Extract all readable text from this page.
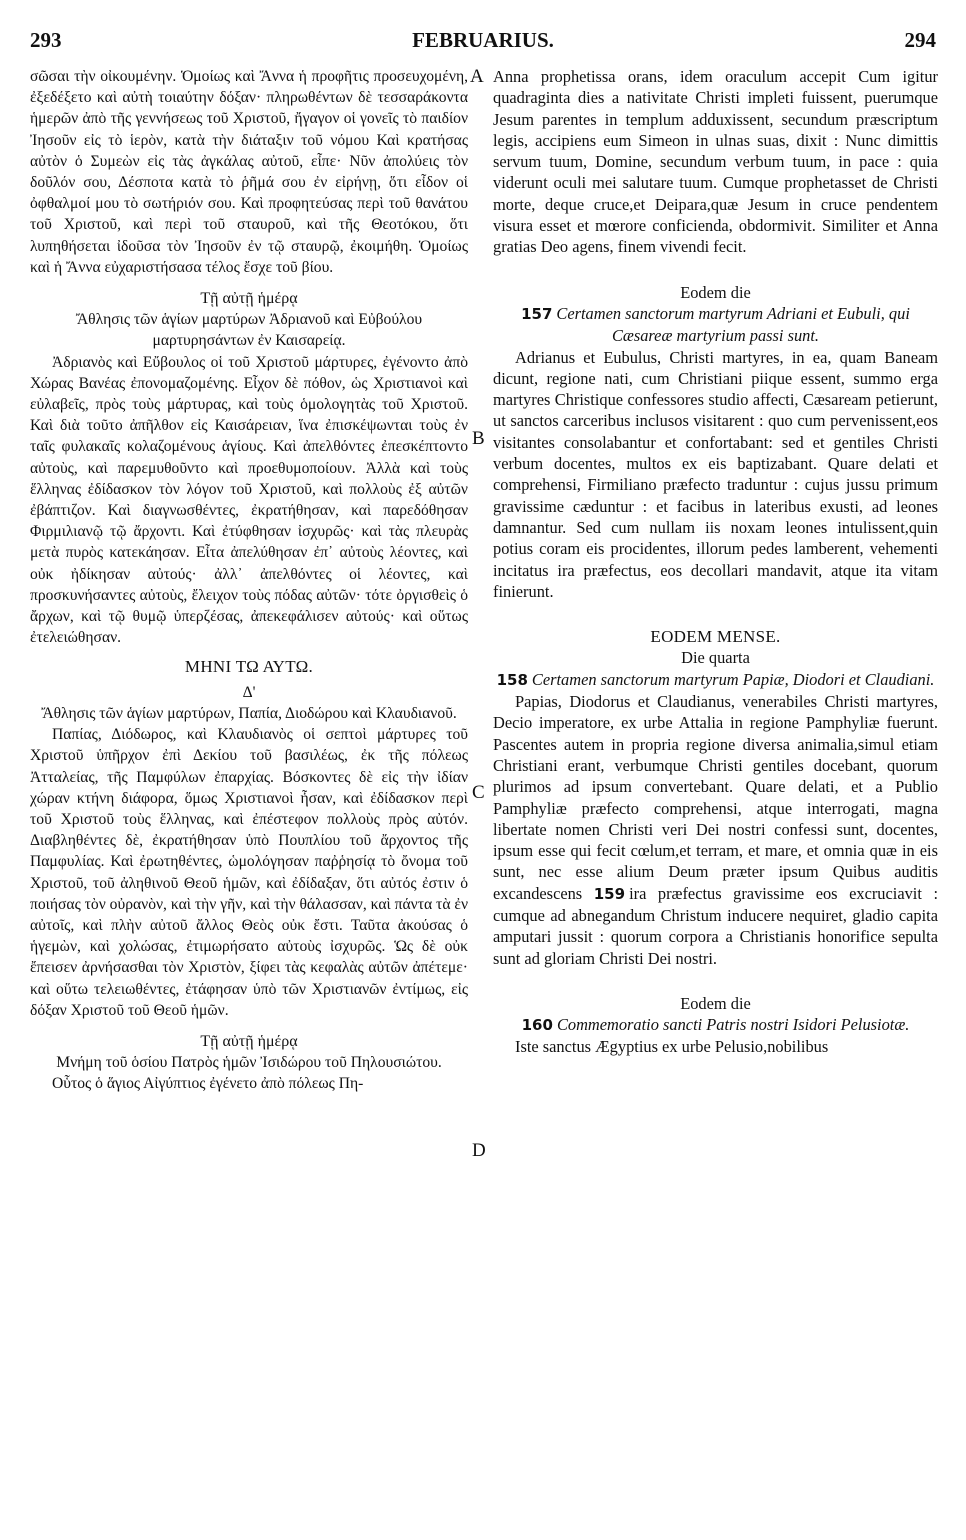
293	FEBRUARIUS.	294
A
B
C
D

σῶσαι τὴν οἰκουμένην. Ὁμοίως καὶ Ἄννα ἡ προφῆτις προσευχομένη, ἐξεδέξετο καὶ αὐτὴ τοιαύτην δόξαν· πληρωθέντων δὲ τεσσαράκοντα ἡμερῶν ἀπὸ τῆς γεννήσεως τοῦ Χριστοῦ, ἤγαγον οἱ γονεῖς τὸ παιδίον Ἰησοῦν εἰς τὸ ἱερὸν, κατὰ τὴν διάταξιν τοῦ νόμου Καὶ κρατήσας αὐτὸν ὁ Συμεὼν εἰς τὰς ἀγκάλας αὐτοῦ, εἶπε· Νῦν ἀπολύεις τὸν δοῦλόν σου, Δέσποτα κατὰ τὸ ῥῆμά σου ἐν εἰρήνῃ, ὅτι εἶδον οἱ ὀφθαλμοί μου τὸ σωτήριόν σου. Καὶ προφητεύσας περὶ τοῦ θανάτου τοῦ Χριστοῦ, καὶ περὶ τοῦ σταυροῦ, καὶ τῆς Θεοτόκου, ὅτι λυπηθήσεται ἰδοῦσα τὸν Ἰησοῦν ἐν τῷ σταυρῷ, ἐκοιμήθη. Ὁμοίως καὶ ἡ Ἄννα εὐχαριστήσασα τέλος ἔσχε τοῦ βίου.

Τῇ αὐτῇ ἡμέρᾳ

Ἄθλησις τῶν ἁγίων μαρτύρων Ἀδριανοῦ καὶ Εὐβούλου μαρτυρησάντων ἐν Καισαρείᾳ.

Ἀδριανὸς καὶ Εὔβουλος οἱ τοῦ Χριστοῦ μάρτυρες, ἐγένοντο ἀπὸ Χώρας Βανέας ἐπονομαζομένης. Εἶχον δὲ πόθον, ὡς Χριστιανοὶ καὶ εὐλαβεῖς, πρὸς τοὺς μάρτυρας, καὶ τοὺς ὁμολογητὰς τοῦ Χριστοῦ. Καὶ διὰ τοῦτο ἀπῆλθον εἰς Καισάρειαν, ἵνα ἐπισκέψωνται τοὺς ἐν ταῖς φυλακαῖς κολαζομένους ἁγίους. Καὶ ἀπελθόντες ἐπεσκέπτοντο αὐτοὺς, καὶ παρεμυθοῦντο καὶ προεθυμοποίουν. Ἀλλὰ καὶ τοὺς ἕλληνας ἐδίδασκον τὸν λόγον τοῦ Χριστοῦ, καὶ πολλοὺς ἐξ αὐτῶν ἐβάπτιζον. Καὶ διαγνωσθέντες, ἐκρατήθησαν, καὶ παρεδόθησαν Φιρμιλιανῷ τῷ ἄρχοντι. Καὶ ἐτύφθησαν ἰσχυρῶς· καὶ τὰς πλευρὰς μετὰ πυρὸς κατεκάησαν. Εἶτα ἀπελύθησαν ἐπ᾽ αὐτοὺς λέοντες, καὶ οὐκ ἠδίκησαν αὐτούς· ἀλλ᾽ ἀπελθόντες οἱ λέοντες, καὶ προσκυνήσαντες αὐτοὺς, ἔλειχον τοὺς πόδας αὐτῶν· τότε ὀργισθεὶς ὁ ἄρχων, καὶ τῷ θυμῷ ὑπερζέσας, ἀπεκεφάλισεν αὐτούς· καὶ οὕτως ἐτελειώθησαν.

ΜΗΝΙ ΤΩ ΑΥΤΩ.

Δ'

Ἄθλησις τῶν ἁγίων μαρτύρων, Παπία, Διοδώρου καὶ Κλαυδιανοῦ.

Παπίας, Διόδωρος, καὶ Κλαυδιανὸς οἱ σεπτοὶ μάρτυρες τοῦ Χριστοῦ ὑπῆρχον ἐπὶ Δεκίου τοῦ βασιλέως, ἐκ τῆς πόλεως Ἀτταλείας, τῆς Παμφύλων ἐπαρχίας. Βόσκοντες δὲ εἰς τὴν ἰδίαν χώραν κτήνη διάφορα, ὅμως Χριστιανοὶ ἦσαν, καὶ ἐδίδασκον περὶ τοῦ Χριστοῦ τοὺς ἕλληνας, καὶ ἐπέστεφον πολλοὺς πρὸς αὐτόν. Διαβληθέντες δὲ, ἐκρατήθησαν ὑπὸ Πουπλίου τοῦ ἄρχοντος τῆς Παμφυλίας. Καὶ ἐρωτηθέντες, ὡμολόγησαν παῤῥησίᾳ τὸ ὄνομα τοῦ Χριστοῦ, τοῦ ἀληθινοῦ Θεοῦ ἡμῶν, καὶ ἐδίδαξαν, ὅτι αὐτός ἐστιν ὁ ποιήσας τὸν οὐρανὸν, καὶ τὴν γῆν, καὶ τὴν θάλασσαν, καὶ πάντα τὰ ἐν αὐτοῖς, καὶ πλὴν αὐτοῦ ἄλλος Θεὸς οὐκ ἔστι. Ταῦτα ἀκούσας ὁ ἡγεμὼν, καὶ χολώσας, ἐτιμωρήσατο αὐτοὺς ἰσχυρῶς. Ὡς δὲ οὐκ ἔπεισεν ἀρνήσασθαι τὸν Χριστὸν, ξίφει τὰς κεφαλὰς αὐτῶν ἀπέτεμε· καὶ οὕτω τελειωθέντες, ἐτάφησαν ὑπὸ τῶν Χριστιανῶν ἐντίμως, εἰς δόξαν Χριστοῦ τοῦ Θεοῦ ἡμῶν.

Τῇ αὐτῇ ἡμέρᾳ

Μνήμη τοῦ ὁσίου Πατρὸς ἡμῶν Ἰσιδώρου τοῦ Πηλουσιώτου.

Οὗτος ὁ ἅγιος Αἰγύπτιος ἐγένετο ἀπὸ πόλεως Πη-

Anna prophetissa orans, idem oraculum accepit Cum igitur quadraginta dies a nativitate Christi impleti fuissent, puerumque Jesum parentes in templum adduxissent, secundum præscriptum legis, accipiens eum Simeon in ulnas suas, dixit : Nunc dimittis servum tuum, Domine, secundum verbum tuum, in pace : quia viderunt oculi mei salutare tuum. Cumque prophetasset de Christi morte, deque cruce,et Deipara,quæ Jesum in cruce pendentem visura esset et mœrore conficienda, obdormivit. Similiter et Anna gratias Deo agens, finem vivendi fecit.

Eodem die

157 Certamen sanctorum martyrum Adriani et Eubuli, qui Cæsareæ martyrium passi sunt.

Adrianus et Eubulus, Christi martyres, in ea, quam Baneam dicunt, regione nati, cum Christiani piique essent, summo erga martyres Christique confessores studio affecti, Cæsaream petierunt, ut sanctos carceribus inclusos visitarent : quo cum pervenissent,eos visitantes consolabantur et confortabant: sed et gentiles Christi verbum docentes, multos ex eis baptizabant. Quare delati et comprehensi, Firmiliano præfecto traduntur : cujus jussu primum gravissime cæduntur : et facibus in lateribus exusti, ad leones damnantur. Sed cum nullam iis noxam leones intulissent,quin potius coram eis procidentes, illorum pedes lamberent, vehementi incitatus ira præfectus, eos decollari mandavit, atque ita vitam finierunt.

EODEM MENSE.

Die quarta

158 Certamen sanctorum martyrum Papiæ, Diodori et Claudiani.

Papias, Diodorus et Claudianus, venerabiles Christi martyres, Decio imperatore, ex urbe Attalia in regione Pamphyliæ fuerunt. Pascentes autem in propria regione diversa animalia,simul etiam Christiani erant, verbumque Christi gentiles docebant, quorum plurimos ad ipsum convertebant. Quare delati, et a Publio Pamphyliæ præfecto comprehensi, atque interrogati, magna libertate nomen Christi veri Dei nostri confessi sunt, docentes, ipsum esse qui fecit cœlum,et terram, et mare, et omnia quæ in eis sunt, nec esse alium Deum præter ipsum Quibus auditis excandescens 159 ira præfectus gravissime eos excruciavit : cumque ad abnegandum Christum inducere nequiret, gladio capita amputari jussit : quorum corpora a Christianis honorifice sepulta sunt ad gloriam Christi Dei nostri.

Eodem die

160 Commemoratio sancti Patris nostri Isidori Pelusiotæ.

Iste sanctus Ægyptius ex urbe Pelusio,nobilibus
